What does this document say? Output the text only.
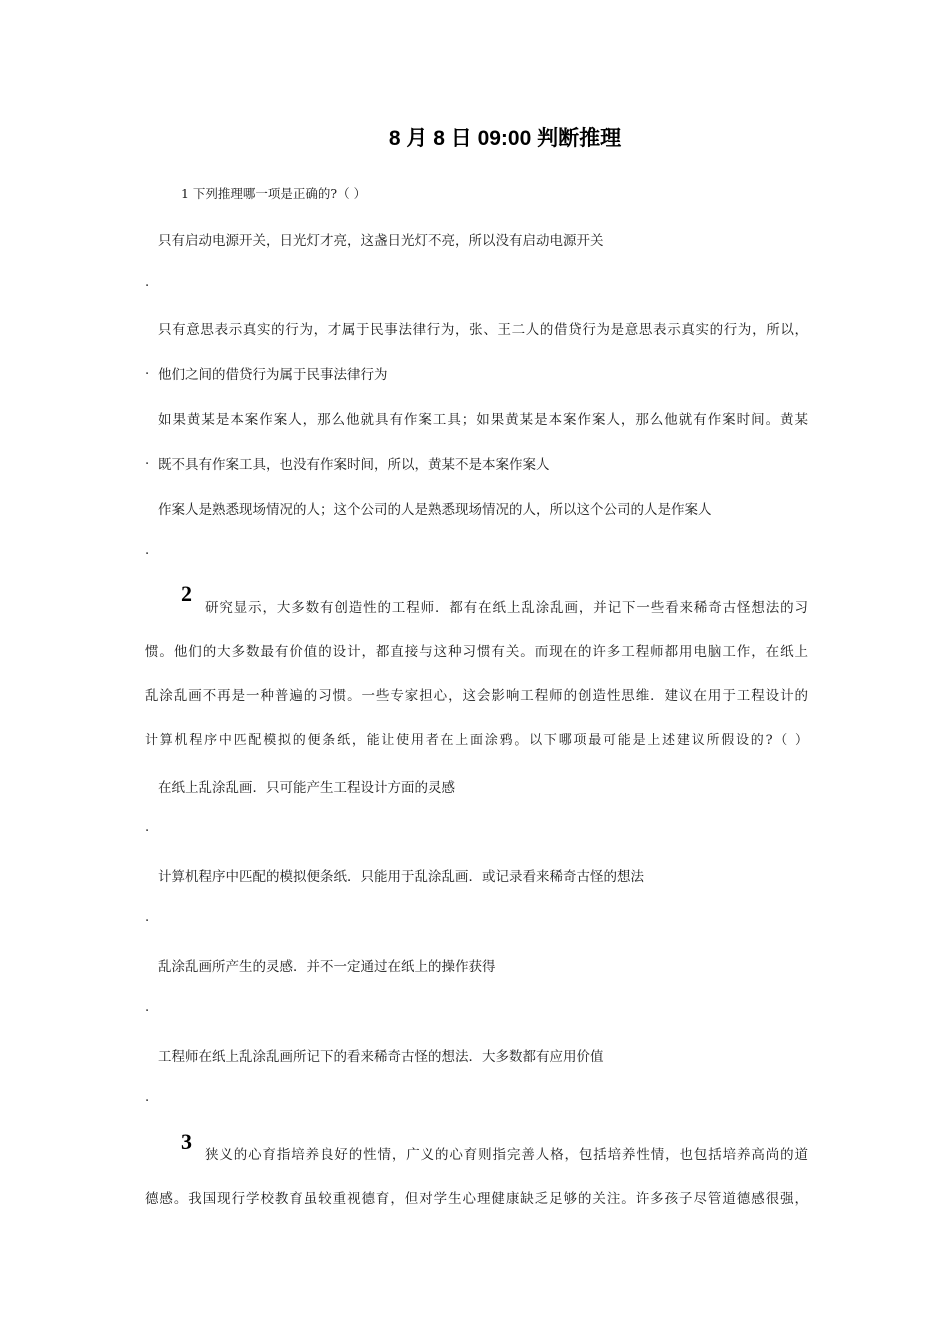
8 月 8 日 09:00 判断推理
1 下列推理哪一项是正确的?（ ）
只有启动电源开关，日光灯才亮，这盏日光灯不亮，所以没有启动电源开关
.
只有意思表示真实的行为，才属于民事法律行为，张、王二人的借贷行为是意思表示真实的行为，所以，
. 他们之间的借贷行为属于民事法律行为
如果黄某是本案作案人，那么他就具有作案工具；如果黄某是本案作案人，那么他就有作案时间。黄某
. 既不具有作案工具，也没有作案时间，所以，黄某不是本案作案人
作案人是熟悉现场情况的人；这个公司的人是熟悉现场情况的人，所以这个公司的人是作案人
.
2
研究显示，大多数有创造性的工程师．都有在纸上乱涂乱画，并记下一些看来稀奇古怪想法的习
惯。他们的大多数最有价值的设计，都直接与这种习惯有关。而现在的许多工程师都用电脑工作，在纸上
乱涂乱画不再是一种普遍的习惯。一些专家担心，这会影响工程师的创造性思维．建议在用于工程设计的
计算机程序中匹配模拟的便条纸，能让使用者在上面涂鸦。以下哪项最可能是上述建议所假设的?（ ）
在纸上乱涂乱画．只可能产生工程设计方面的灵感
.
计算机程序中匹配的模拟便条纸．只能用于乱涂乱画．或记录看来稀奇古怪的想法
.
乱涂乱画所产生的灵感．并不一定通过在纸上的操作获得
.
工程师在纸上乱涂乱画所记下的看来稀奇古怪的想法．大多数都有应用价值
.
3
狭义的心育指培养良好的性情，广义的心育则指完善人格，包括培养性情，也包括培养高尚的道
德感。我国现行学校教育虽较重视德育，但对学生心理健康缺乏足够的关注。许多孩子尽管道德感很强，
